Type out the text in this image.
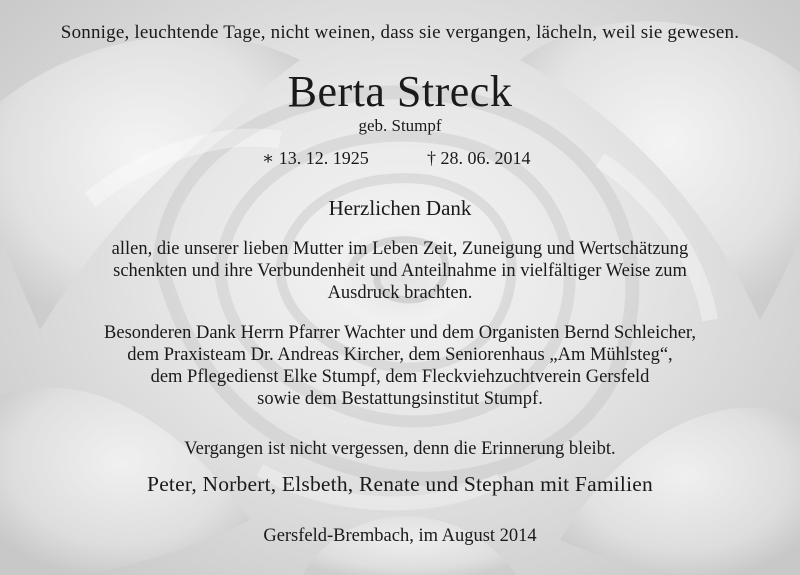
Sonnige, leuchtende Tage, nicht weinen, dass sie vergangen, lächeln, weil sie gewesen.
Berta Streck
geb. Stumpf
∗ 13. 12. 1925	† 28. 06. 2014
Herzlichen Dank
allen, die unserer lieben Mutter im Leben Zeit, Zuneigung und Wertschätzung
schenkten und ihre Verbundenheit und Anteilnahme in vielfältiger Weise zum
Ausdruck brachten.
Besonderen Dank Herrn Pfarrer Wachter und dem Organisten Bernd Schleicher,
dem Praxisteam Dr. Andreas Kircher, dem Seniorenhaus „Am Mühlsteg“,
dem Pflegedienst Elke Stumpf, dem Fleckviehzuchtverein Gersfeld
sowie dem Bestattungsinstitut Stumpf.
Vergangen ist nicht vergessen, denn die Erinnerung bleibt.
Peter, Norbert, Elsbeth, Renate und Stephan mit Familien
Gersfeld-Brembach, im August 2014
